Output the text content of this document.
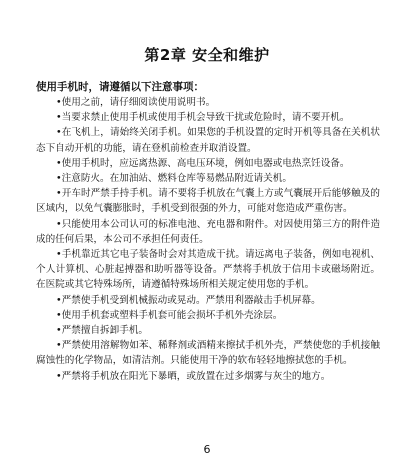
第2章 安全和维护
使用手机时，请遵循以下注意事项：

•使用之前，请仔细阅读使用说明书。

•当要求禁止使用手机或使用手机会导致干扰或危险时，请不要开机。

•在飞机上，请始终关闭手机。如果您的手机设置的定时开机等具备在关机状态下自动开机的功能，请在登机前检查并取消设置。

•使用手机时，应远离热源、高电压环境，例如电器或电热烹饪设备。

•注意防火。在加油站、燃料仓库等易燃品附近请关机。

•开车时严禁手持手机。请不要将手机放在气囊上方或气囊展开后能够触及的区域内，以免气囊膨胀时，手机受到很强的外力，可能对您造成严重伤害。

•只能使用本公司认可的标准电池、充电器和附件。对因使用第三方的附件造成的任何后果，本公司不承担任何责任。

•手机靠近其它电子装备时会对其造成干扰。请远离电子装备，例如电视机、个人计算机、心脏起搏器和助听器等设备。严禁将手机放于信用卡或磁场附近。在医院或其它特殊场所，请遵循特殊场所相关规定使用您的手机。

•严禁使手机受到机械振动或晃动。严禁用利器敲击手机屏幕。

•使用手机套或塑料手机套可能会损坏手机外壳涂层。

•严禁擅自拆卸手机。

•严禁使用溶解物如苯、稀释剂或酒精来擦拭手机外壳，严禁使您的手机接触腐蚀性的化学物品，如清洁剂。只能使用干净的软布轻轻地擦拭您的手机。

•严禁将手机放在阳光下暴晒，或放置在过多烟雾与灰尘的地方。

6
